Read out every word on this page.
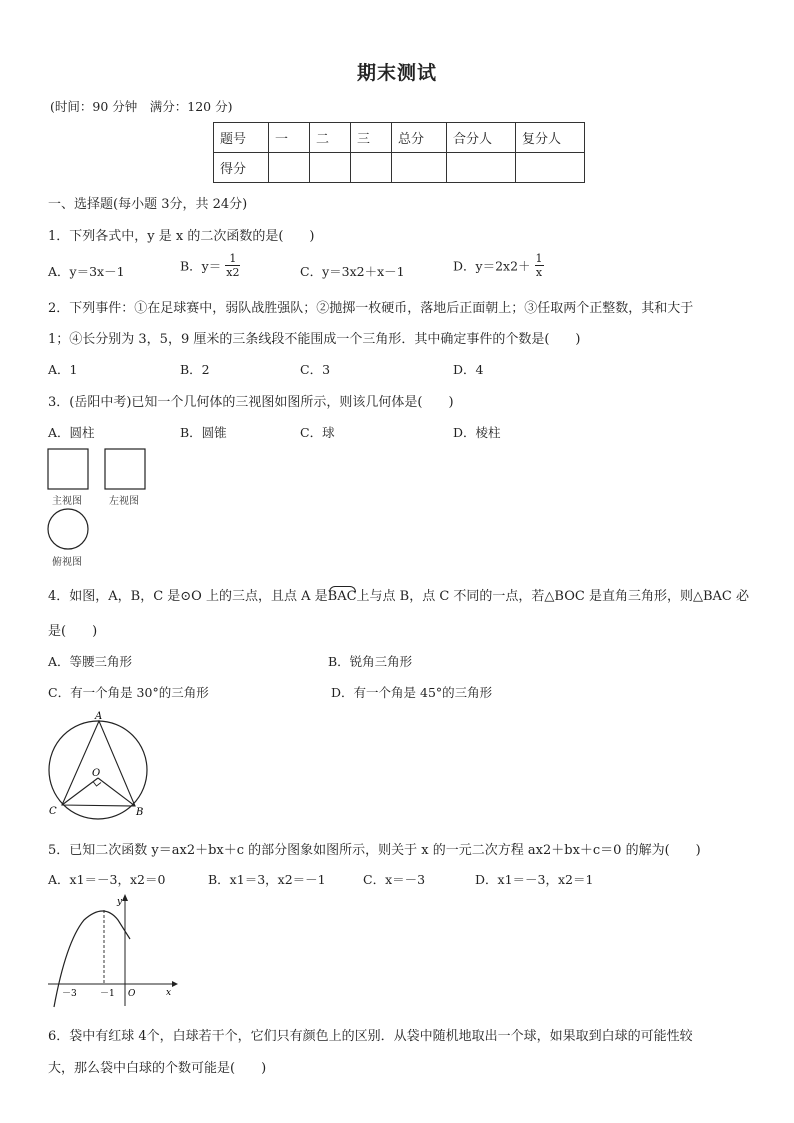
期末测试
(时间：90 分钟　满分：120 分)
题号	一	二	三	总分	合分人	复分人
得分						
一、选择题(每小题 3分，共 24分)
1．下列各式中，y 是 x 的二次函数的是(　　)
A．y＝3x－1	B．$y= \frac{1}{x2}$	C．y＝3x2＋x－1	D．$y=2x2+ \frac{1}{x}$
2．下列事件：①在足球赛中，弱队战胜强队；②抛掷一枚硬币，落地后正面朝上；③任取两个正整数，其和大于
1；④长分别为 3，5，9 厘米的三条线段不能围成一个三角形．其中确定事件的个数是(　　)
A．1	B．2	C．3	D．4
3．(岳阳中考)已知一个几何体的三视图如图所示，则该几何体是(　　)
A．圆柱	B．圆锥	C．球	D．棱柱
主视图	左视图
俯视图
4．如图，A，B，C 是⊙O 上的三点，且点 A 是BAC上与点 B，点 C 不同的一点，若△BOC 是直角三角形，则△BAC 必
是(　　)
A．等腰三角形	B．锐角三角形
C．有一个角是 30°的三角形	D．有一个角是 45°的三角形
A
O
C	B
5．已知二次函数 y＝ax2＋bx＋c 的部分图象如图所示，则关于 x 的一元二次方程 ax2＋bx＋c＝0 的解为(　　)
A．x1＝－3，x2＝0	B．x1＝3，x2＝－1	C．x＝－3	D．x1＝－3，x2＝1
y
x
－3	－1 O
6．袋中有红球 4个，白球若干个，它们只有颜色上的区别．从袋中随机地取出一个球，如果取到白球的可能性较
大，那么袋中白球的个数可能是(　　)
